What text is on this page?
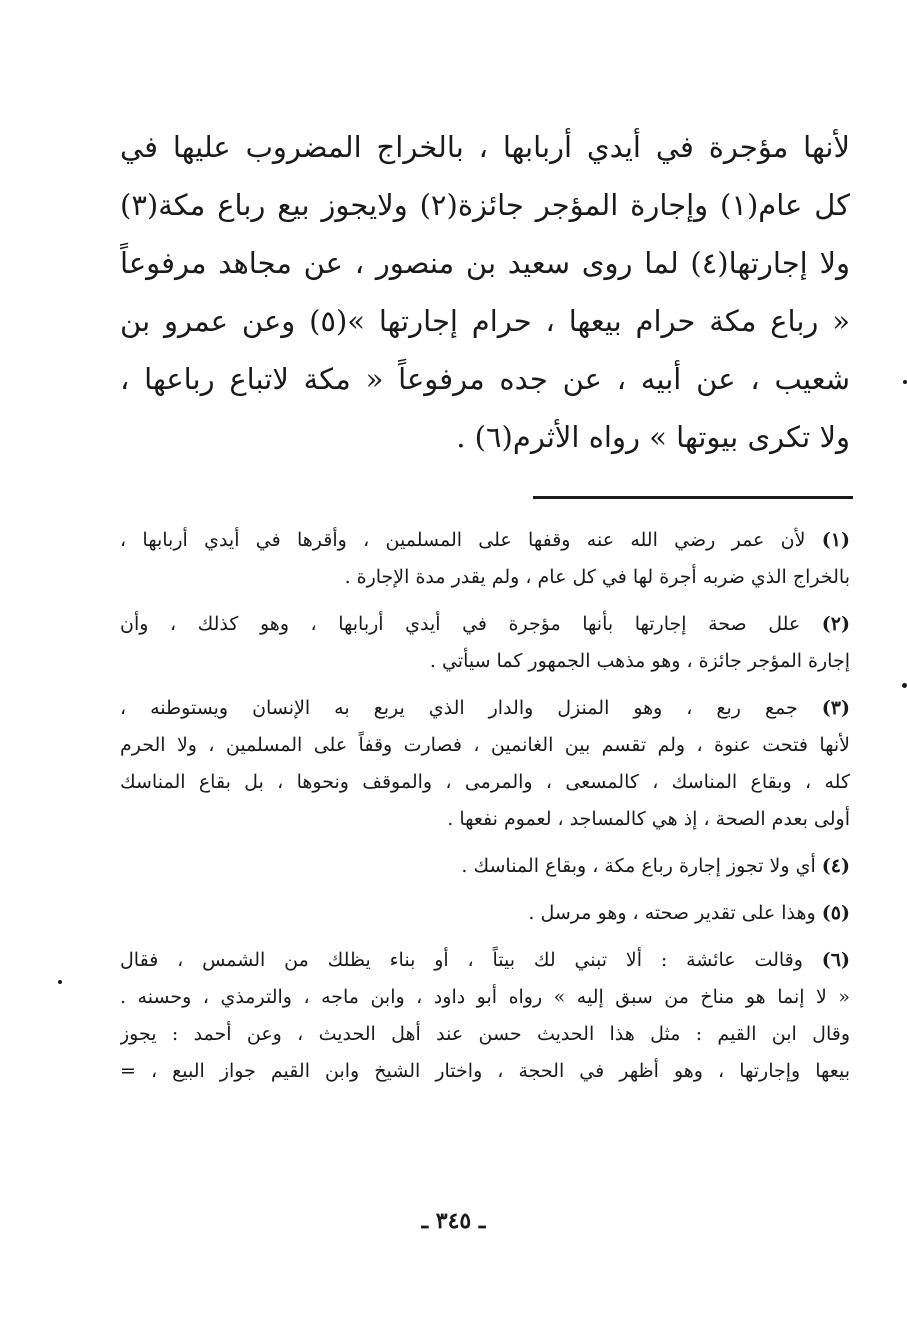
لأنها مؤجرة في أيدي أربابها ، بالخراج المضروب عليها في
كل عام(١) وإجارة المؤجر جائزة(٢) ولايجوز بيع رباع مكة(٣)
ولا إجارتها(٤) لما روى سعيد بن منصور ، عن مجاهد مرفوعاً
« رباع مكة حرام بيعها ، حرام إجارتها »(٥) وعن عمرو بن
شعيب ، عن أبيه ، عن جده مرفوعاً « مكة لاتباع رباعها ،
ولا تكرى بيوتها » رواه الأثرم(٦) .
(١) لأن عمر رضي الله عنه وقفها على المسلمين ، وأقرها في أيدي أربابها ،
بالخراج الذي ضربه أجرة لها في كل عام ، ولم يقدر مدة الإجارة .
(٢) علل صحة إجارتها بأنها مؤجرة في أيدي أربابها ، وهو كذلك ، وأن
إجارة المؤجر جائزة ، وهو مذهب الجمهور كما سيأتي .
(٣) جمع ربع ، وهو المنزل والدار الذي يربع به الإنسان ويستوطنه ،
لأنها فتحت عنوة ، ولم تقسم بين الغانمين ، فصارت وقفاً على المسلمين ، ولا الحرم
كله ، وبقاع المناسك ، كالمسعى ، والمرمى ، والموقف ونحوها ، بل بقاع المناسك
أولى بعدم الصحة ، إذ هي كالمساجد ، لعموم نفعها .
(٤) أي ولا تجوز إجارة رباع مكة ، وبقاع المناسك .
(٥) وهذا على تقدير صحته ، وهو مرسل .
(٦) وقالت عائشة : ألا تبني لك بيتاً ، أو بناء يظلك من الشمس ، فقال
« لا إنما هو مناخ من سبق إليه » رواه أبو داود ، وابن ماجه ، والترمذي ، وحسنه .
وقال ابن القيم : مثل هذا الحديث حسن عند أهل الحديث ، وعن أحمد : يجوز
بيعها وإجارتها ، وهو أظهر في الحجة ، واختار الشيخ وابن القيم جواز البيع ، =
ـ ٣٤٥ ـ
